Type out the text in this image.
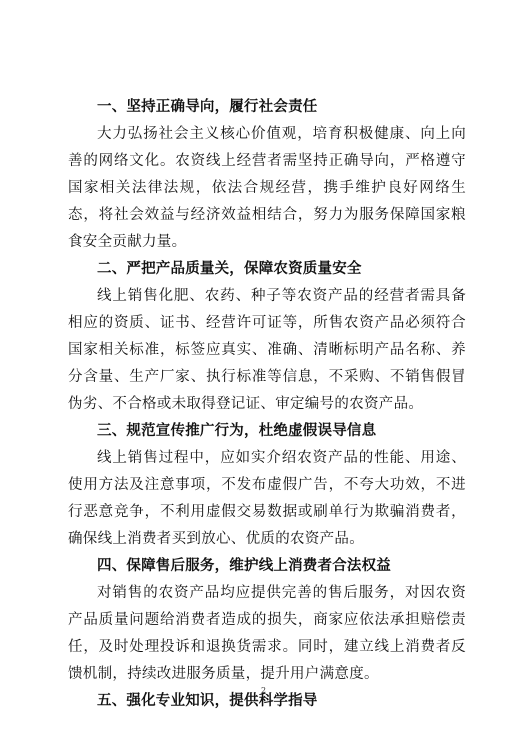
一、坚持正确导向，履行社会责任

大力弘扬社会主义核心价值观，培育积极健康、向上向善的网络文化。农资线上经营者需坚持正确导向，严格遵守国家相关法律法规，依法合规经营，携手维护良好网络生态，将社会效益与经济效益相结合，努力为服务保障国家粮食安全贡献力量。

二、严把产品质量关，保障农资质量安全

线上销售化肥、农药、种子等农资产品的经营者需具备相应的资质、证书、经营许可证等，所售农资产品必须符合国家相关标准，标签应真实、准确、清晰标明产品名称、养分含量、生产厂家、执行标准等信息，不采购、不销售假冒伪劣、不合格或未取得登记证、审定编号的农资产品。

三、规范宣传推广行为，杜绝虚假误导信息

线上销售过程中，应如实介绍农资产品的性能、用途、使用方法及注意事项，不发布虚假广告，不夸大功效，不进行恶意竞争，不利用虚假交易数据或刷单行为欺骗消费者，确保线上消费者买到放心、优质的农资产品。

四、保障售后服务，维护线上消费者合法权益

对销售的农资产品均应提供完善的售后服务，对因农资产品质量问题给消费者造成的损失，商家应依法承担赔偿责任，及时处理投诉和退换货需求。同时，建立线上消费者反馈机制，持续改进服务质量，提升用户满意度。

五、强化专业知识，提供科学指导
2
